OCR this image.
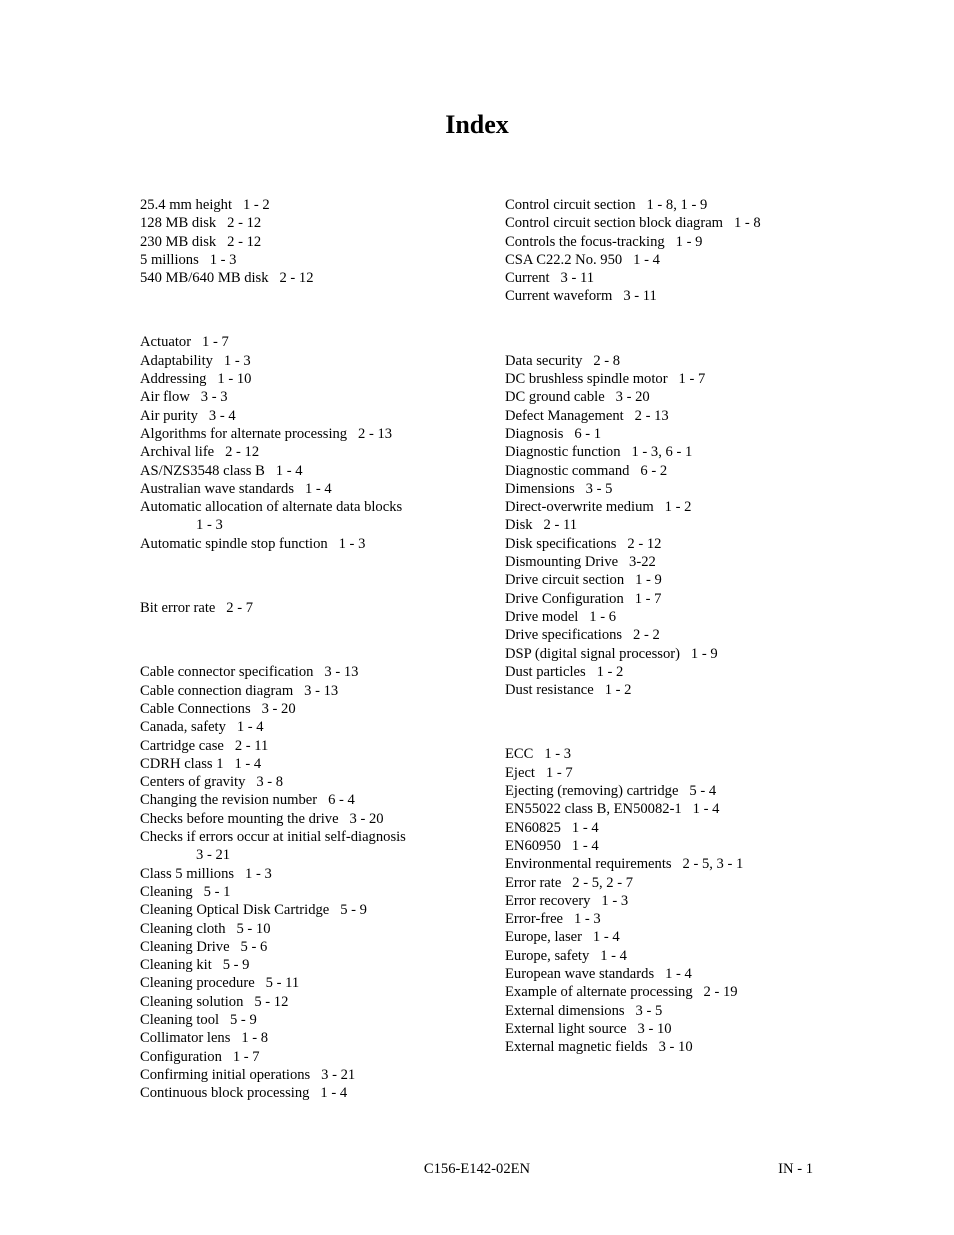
Index
25.4 mm height   1 - 2
128 MB disk   2 - 12
230 MB disk   2 - 12
5 millions   1 - 3
540 MB/640 MB disk   2 - 12
Actuator   1 - 7
Adaptability   1 - 3
Addressing   1 - 10
Air flow   3 - 3
Air purity   3 - 4
Algorithms for alternate processing   2 - 13
Archival life   2 - 12
AS/NZS3548 class B   1 - 4
Australian wave standards   1 - 4
Automatic allocation of alternate data blocks
1 - 3
Automatic spindle stop function   1 - 3
Bit error rate   2 - 7
Cable connector specification   3 - 13
Cable connection diagram   3 - 13
Cable Connections   3 - 20
Canada, safety   1 - 4
Cartridge case   2 - 11
CDRH class 1   1 - 4
Centers of gravity   3 - 8
Changing the revision number   6 - 4
Checks before mounting the drive   3 - 20
Checks if errors occur at initial self-diagnosis
3 - 21
Class 5 millions   1 - 3
Cleaning   5 - 1
Cleaning Optical Disk Cartridge   5 - 9
Cleaning cloth   5 - 10
Cleaning Drive   5 - 6
Cleaning kit   5 - 9
Cleaning procedure   5 - 11
Cleaning solution   5 - 12
Cleaning tool   5 - 9
Collimator lens   1 - 8
Configuration   1 - 7
Confirming initial operations   3 - 21
Continuous block processing   1 - 4
Control circuit section   1 - 8, 1 - 9
Control circuit section block diagram   1 - 8
Controls the focus-tracking   1 - 9
CSA C22.2 No. 950   1 - 4
Current   3 - 11
Current waveform   3 - 11
Data security   2 - 8
DC brushless spindle motor   1 - 7
DC ground cable   3 - 20
Defect Management   2 - 13
Diagnosis   6 - 1
Diagnostic function   1 - 3, 6 - 1
Diagnostic command   6 - 2
Dimensions   3 - 5
Direct-overwrite medium   1 - 2
Disk   2 - 11
Disk specifications   2 - 12
Dismounting Drive   3-22
Drive circuit section   1 - 9
Drive Configuration   1 - 7
Drive model   1 - 6
Drive specifications   2 - 2
DSP (digital signal processor)   1 - 9
Dust particles   1 - 2
Dust resistance   1 - 2
ECC   1 - 3
Eject   1 - 7
Ejecting (removing) cartridge   5 - 4
EN55022 class B, EN50082-1   1 - 4
EN60825   1 - 4
EN60950   1 - 4
Environmental requirements   2 - 5, 3 - 1
Error rate   2 - 5, 2 - 7
Error recovery   1 - 3
Error-free   1 - 3
Europe, laser   1 - 4
Europe, safety   1 - 4
European wave standards   1 - 4
Example of alternate processing   2 - 19
External dimensions   3 - 5
External light source   3 - 10
External magnetic fields   3 - 10
C156-E142-02EN	IN - 1
